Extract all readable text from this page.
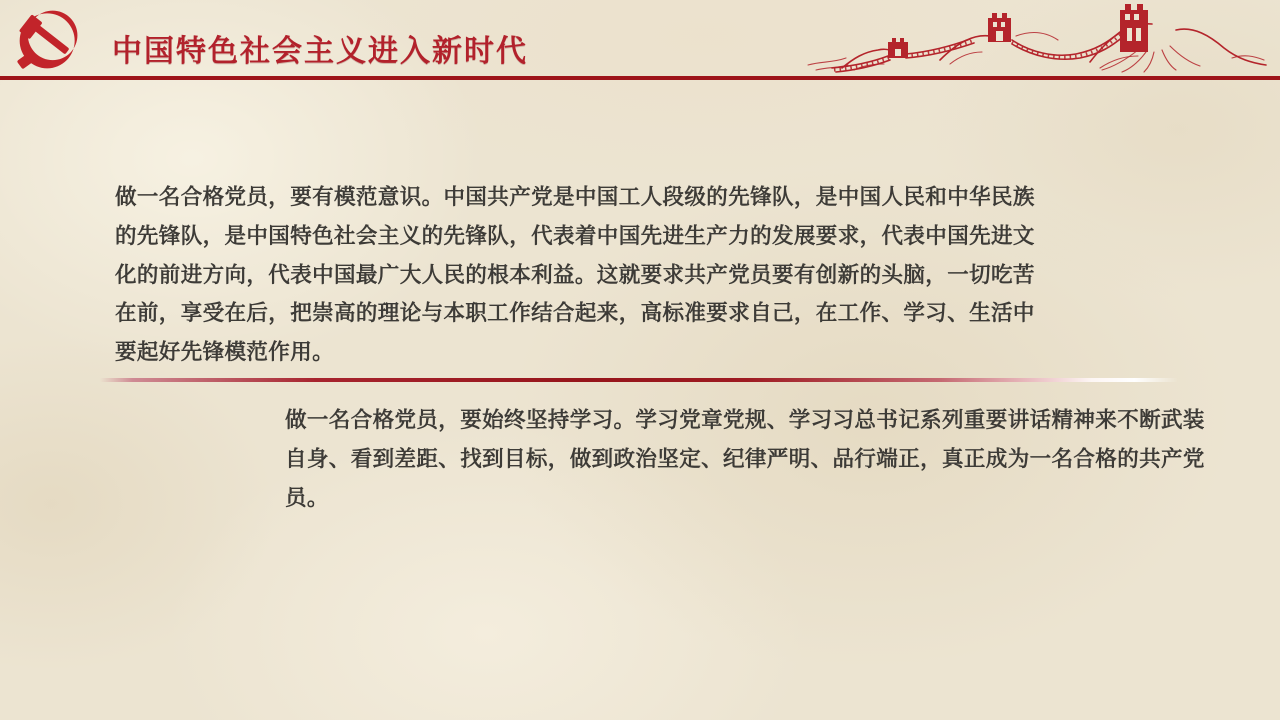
中国特色社会主义进入新时代
做一名合格党员，要有模范意识。中国共产党是中国工人段级的先锋队，是中国人民和中华民族
的先锋队，是中国特色社会主义的先锋队，代表着中国先进生产力的发展要求，代表中国先进文
化的前进方向，代表中国最广大人民的根本利益。这就要求共产党员要有创新的头脑，一切吃苦
在前，享受在后，把崇高的理论与本职工作结合起来，高标准要求自己，在工作、学习、生活中
要起好先锋模范作用。
做一名合格党员，要始终坚持学习。学习党章党规、学习习总书记系列重要讲话精神来不断武装
自身、看到差距、找到目标，做到政治坚定、纪律严明、品行端正，真正成为一名合格的共产党
员。
